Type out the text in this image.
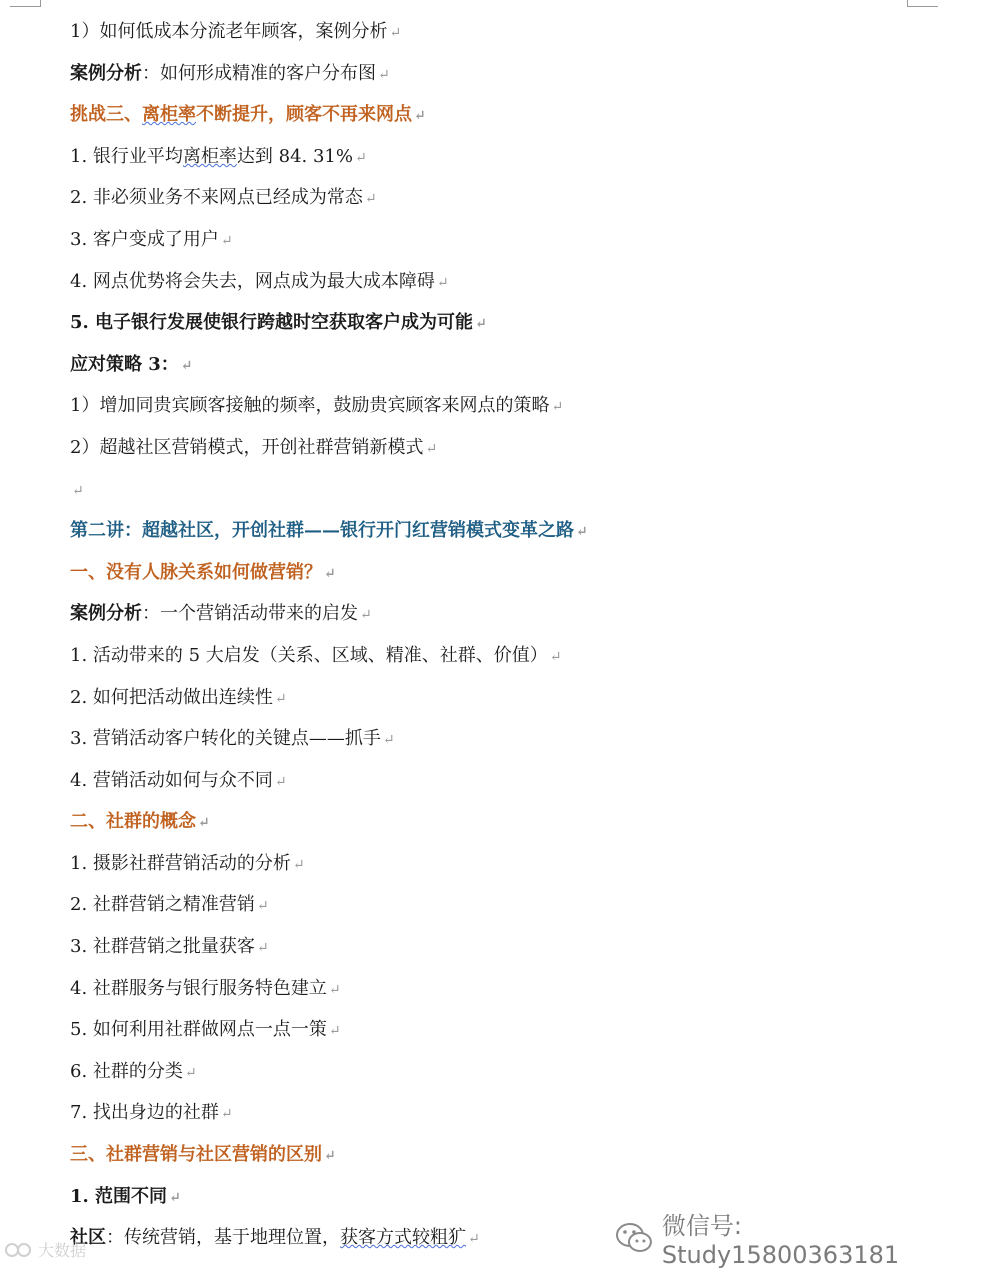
1）如何低成本分流老年顾客，案例分析 ↵
案例分析：如何形成精准的客户分布图 ↵
挑战三、离柜率不断提升，顾客不再来网点 ↵
1. 银行业平均离柜率达到 84. 31% ↵
2. 非必须业务不来网点已经成为常态 ↵
3. 客户变成了用户 ↵
4. 网点优势将会失去，网点成为最大成本障碍 ↵
5. 电子银行发展使银行跨越时空获取客户成为可能 ↵
应对策略 3： ↵
1）增加同贵宾顾客接触的频率，鼓励贵宾顾客来网点的策略 ↵
2）超越社区营销模式，开创社群营销新模式 ↵
↵
第二讲：超越社区，开创社群——银行开门红营销模式变革之路 ↵
一、没有人脉关系如何做营销？ ↵
案例分析：一个营销活动带来的启发 ↵
1. 活动带来的 5 大启发（关系、区域、精准、社群、价值） ↵
2. 如何把活动做出连续性 ↵
3. 营销活动客户转化的关键点——抓手 ↵
4. 营销活动如何与众不同 ↵
二、社群的概念 ↵
1. 摄影社群营销活动的分析 ↵
2. 社群营销之精准营销 ↵
3. 社群营销之批量获客 ↵
4. 社群服务与银行服务特色建立 ↵
5. 如何利用社群做网点一点一策 ↵
6. 社群的分类 ↵
7. 找出身边的社群 ↵
三、社群营销与社区营销的区别 ↵
1. 范围不同 ↵
社区：传统营销，基于地理位置，获客方式较粗犷 ↵	微信号: Study15800363181
大数据
